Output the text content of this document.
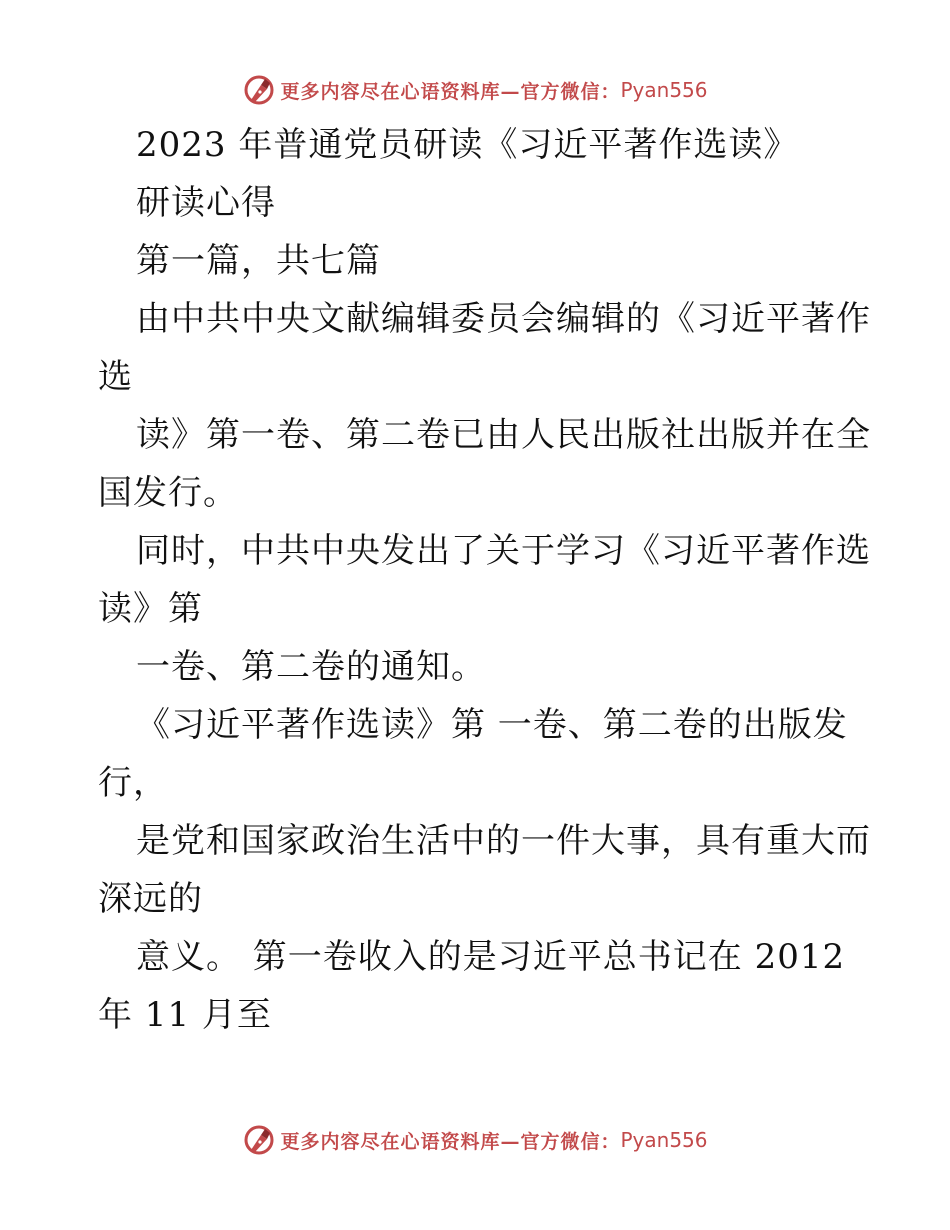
更多内容尽在心语资料库—官方微信： Pyan556
2023 年普通党员研读《习近平著作选读》
研读心得
第一篇，共七篇
由中共中央文献编辑委员会编辑的《习近平著作
选
读》第一卷、第二卷已由人民出版社出版并在全
国发行。
同时，中共中央发出了关于学习《习近平著作选
读》第
一卷、第二卷的通知。
《习近平著作选读》第 一卷、第二卷的出版发
行，
是党和国家政治生活中的一件大事，具有重大而
深远的
意义。 第一卷收入的是习近平总书记在 2012
年 11 月至
更多内容尽在心语资料库—官方微信： Pyan556
